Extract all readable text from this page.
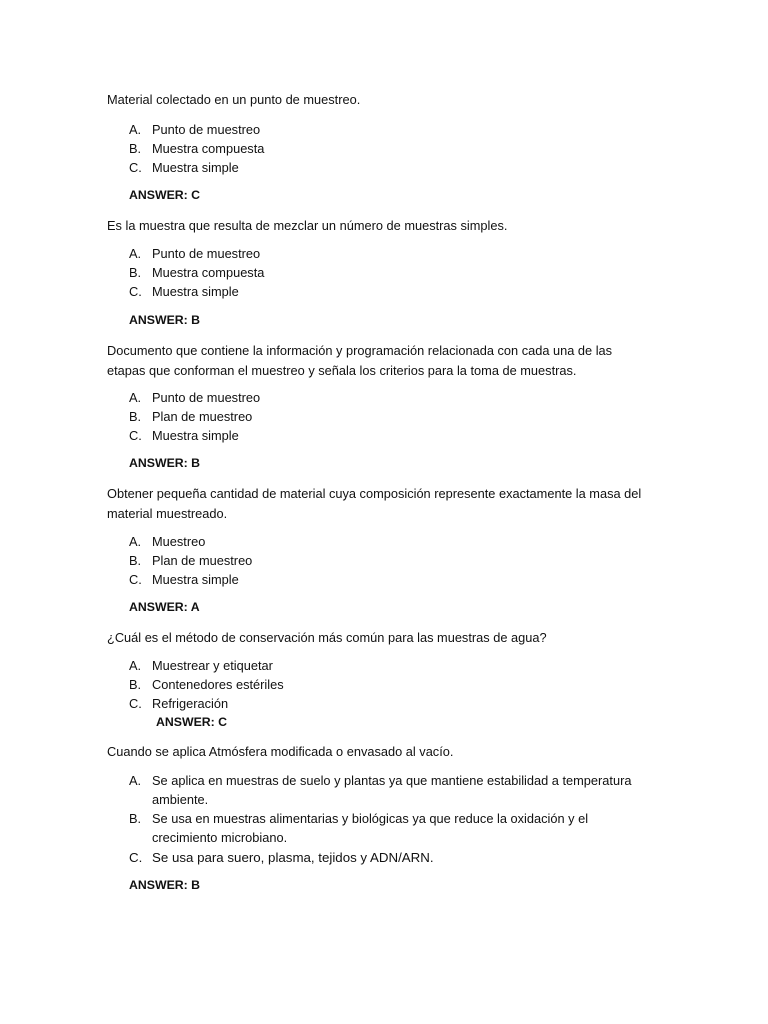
Material colectado en un punto de muestreo.

A. Punto de muestreo
B. Muestra compuesta
C. Muestra simple
ANSWER: C

Es la muestra que resulta de mezclar un número de muestras simples.

A. Punto de muestreo
B. Muestra compuesta
C. Muestra simple
ANSWER: B

Documento que contiene la información y programación relacionada con cada una de las etapas que conforman el muestreo y señala los criterios para la toma de muestras.

A. Punto de muestreo
B. Plan de muestreo
C. Muestra simple
ANSWER: B

Obtener pequeña cantidad de material cuya composición represente exactamente la masa del material muestreado.

A. Muestreo
B. Plan de muestreo
C. Muestra simple
ANSWER: A

¿Cuál es el método de conservación más común para las muestras de agua?

A. Muestrear y etiquetar
B. Contenedores estériles
C. Refrigeración
ANSWER: C

Cuando se aplica Atmósfera modificada o envasado al vacío.

A. Se aplica en muestras de suelo y plantas ya que mantiene estabilidad a temperatura ambiente.
B. Se usa en muestras alimentarias y biológicas ya que reduce la oxidación y el crecimiento microbiano.
C. Se usa para suero, plasma, tejidos y ADN/ARN.
ANSWER: B
